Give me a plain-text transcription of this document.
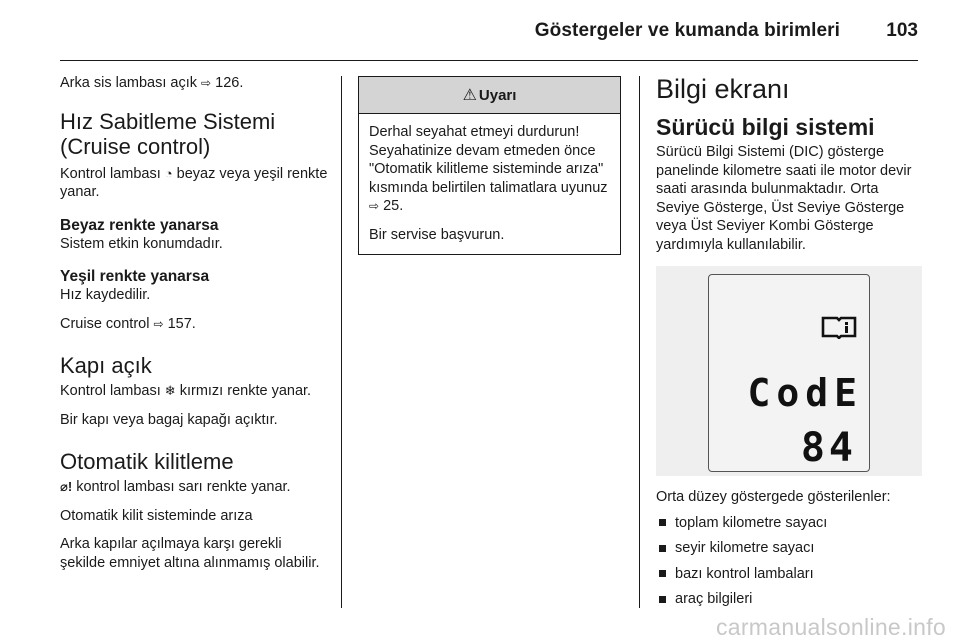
Göstergeler ve kumanda birimleri 103

Arka sis lambası açık ⇨ 126.

Hız Sabitleme Sistemi (Cruise control)

Kontrol lambası ◔ beyaz veya yeşil renkte yanar.

Beyaz renkte yanarsa

Sistem etkin konumdadır.

Yeşil renkte yanarsa

Hız kaydedilir.

Cruise control ⇨ 157.

Kapı açık

Kontrol lambası ❄ kırmızı renkte yanar.

Bir kapı veya bagaj kapağı açıktır.

Otomatik kilitleme

⌀! kontrol lambası sarı renkte yanar.

Otomatik kilit sisteminde arıza

Arka kapılar açılmaya karşı gerekli şekilde emniyet altına alınmamış olabilir.

⚠ Uyarı

Derhal seyahat etmeyi durdurun! Seyahatinize devam etmeden önce "Otomatik kilitleme sisteminde arıza" kısmında belirtilen talimatlara uyunuz ⇨ 25.

Bir servise başvurun.

Bilgi ekranı
Sürücü bilgi sistemi

Sürücü Bilgi Sistemi (DIC) gösterge panelinde kilometre saati ile motor devir saati arasında bulunmaktadır. Orta Seviye Gösterge, Üst Seviye Gösterge veya Üst Seviyer Kombi Gösterge yardımıyla kullanılabilir.

CodE
84

Orta düzey göstergede gösterilenler:

toplam kilometre sayacı
seyir kilometre sayacı
bazı kontrol lambaları
araç bilgileri
carmanualsonline.info
